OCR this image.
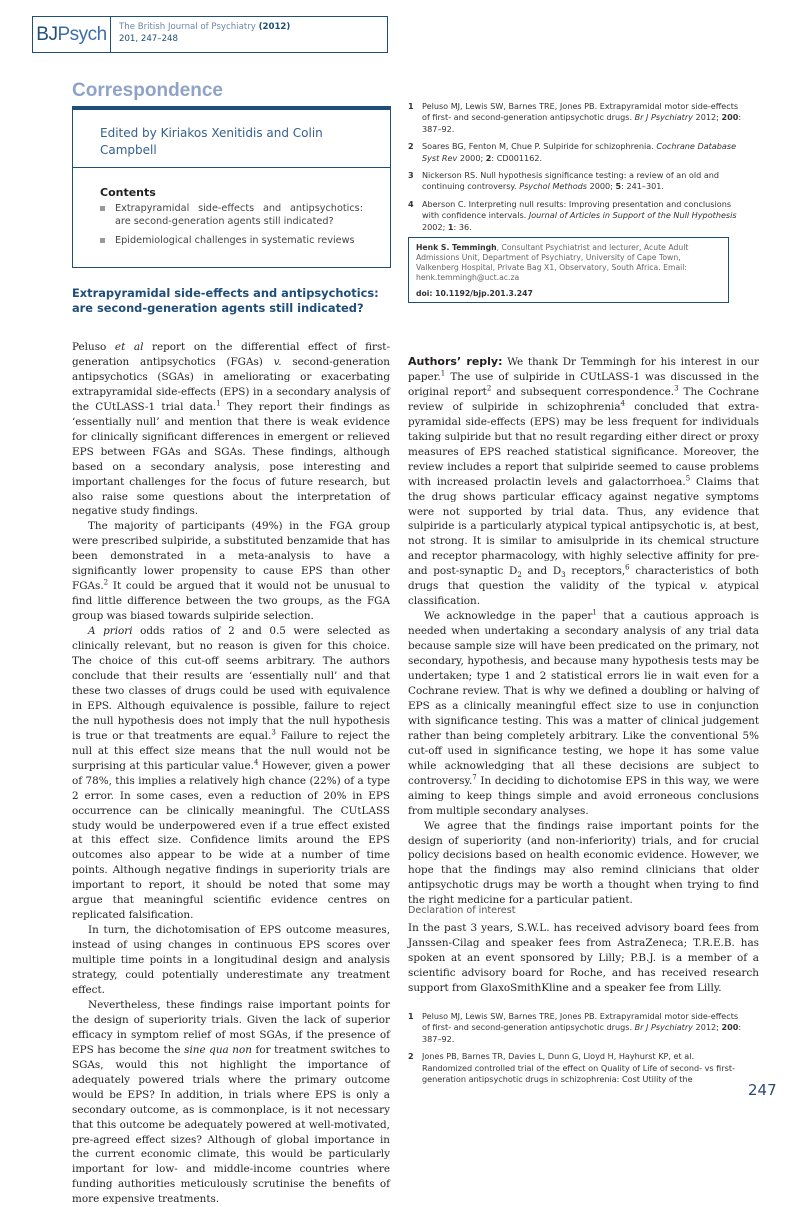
BJ Psych The British Journal of Psychiatry (2012)
201, 247–248
Correspondence
Edited by Kiriakos Xenitidis and Colin Campbell
Contents
Extrapyramidal side-effects and antipsychotics: are second-generation agents still indicated?
Epidemiological challenges in systematic reviews
Extrapyramidal side-effects and antipsychotics: are second-generation agents still indicated?

Peluso et al report on the differential effect of first-generation antipsychotics (FGAs) v. second-generation antipsychotics (SGAs) in ameliorating or exacerbating extrapyramidal side-effects (EPS) in a secondary analysis of the CUtLASS-1 trial data.$^1$ They report their findings as ‘essentially null’ and mention that there is weak evidence for clinically significant differences in emergent or relieved EPS between FGAs and SGAs. These findings, although based on a secondary analysis, pose interesting and important challenges for the focus of future research, but also raise some questions about the interpretation of negative study findings.

The majority of participants (49%) in the FGA group were prescribed sulpiride, a substituted benzamide that has been demonstrated in a meta-analysis to have a significantly lower propensity to cause EPS than other FGAs.$^2$ It could be argued that it would not be unusual to find little difference between the two groups, as the FGA group was biased towards sulpiride selection.

A priori odds ratios of 2 and 0.5 were selected as clinically relevant, but no reason is given for this choice. The choice of this cut-off seems arbitrary. The authors conclude that their results are ‘essentially null’ and that these two classes of drugs could be used with equivalence in EPS. Although equivalence is possible, failure to reject the null hypothesis does not imply that the null hypothesis is true or that treatments are equal.$^3$ Failure to reject the null at this effect size means that the null would not be surprising at this particular value.$^4$ However, given a power of 78%, this implies a relatively high chance (22%) of a type 2 error. In some cases, even a reduction of 20% in EPS occurrence can be clinically meaningful. The CUtLASS study would be underpowered even if a true effect existed at this effect size. Confidence limits around the EPS outcomes also appear to be wide at a number of time points. Although negative findings in superiority trials are important to report, it should be noted that some may argue that meaningful scientific evidence centres on replicated falsification.

In turn, the dichotomisation of EPS outcome measures, instead of using changes in continuous EPS scores over multiple time points in a longitudinal design and analysis strategy, could potentially underestimate any treatment effect.

Nevertheless, these findings raise important points for the design of superiority trials. Given the lack of superior efficacy in symptom relief of most SGAs, if the presence of EPS has become the sine qua non for treatment switches to SGAs, would this not highlight the importance of adequately powered trials where the primary outcome would be EPS? In addition, in trials where EPS is only a secondary outcome, as is commonplace, is it not necessary that this outcome be adequately powered at well-motivated, pre-agreed effect sizes? Although of global importance in the current economic climate, this would be particularly important for low- and middle-income countries where funding authorities meticulously scrutinise the benefits of more expensive treatments.

1	Peluso MJ, Lewis SW, Barnes TRE, Jones PB. Extrapyramidal motor side-effects of first- and second-generation antipsychotic drugs. Br J Psychiatry 2012; 200: 387–92.
2	Soares BG, Fenton M, Chue P. Sulpiride for schizophrenia. Cochrane Database Syst Rev 2000; 2: CD001162.
3	Nickerson RS. Null hypothesis significance testing: a review of an old and continuing controversy. Psychol Methods 2000; 5: 241–301.
4	Aberson C. Interpreting null results: Improving presentation and conclusions with confidence intervals. Journal of Articles in Support of the Null Hypothesis 2002; 1: 36.
Henk S. Temmingh, Consultant Psychiatrist and lecturer, Acute Adult Admissions Unit, Department of Psychiatry, University of Cape Town, Valkenberg Hospital, Private Bag X1, Observatory, South Africa. Email: henk.temmingh@uct.ac.za
doi: 10.1192/bjp.201.3.247

Authors’ reply: We thank Dr Temmingh for his interest in our paper.$^1$ The use of sulpiride in CUtLASS-1 was discussed in the original report$^2$ and subsequent correspondence.$^3$ The Cochrane review of sulpiride in schizophrenia$^4$ concluded that extra-pyramidal side-effects (EPS) may be less frequent for individuals taking sulpiride but that no result regarding either direct or proxy measures of EPS reached statistical significance. Moreover, the review includes a report that sulpiride seemed to cause problems with increased prolactin levels and galactorrhoea.$^5$ Claims that the drug shows particular efficacy against negative symptoms were not supported by trial data. Thus, any evidence that sulpiride is a particularly atypical typical antipsychotic is, at best, not strong. It is similar to amisulpride in its chemical structure and receptor pharmacology, with highly selective affinity for pre- and post-synaptic $D_2$ and $D_3$ receptors,$^6$ characteristics of both drugs that question the validity of the typical v. atypical classification.

We acknowledge in the paper$^1$ that a cautious approach is needed when undertaking a secondary analysis of any trial data because sample size will have been predicated on the primary, not secondary, hypothesis, and because many hypothesis tests may be undertaken; type 1 and 2 statistical errors lie in wait even for a Cochrane review. That is why we defined a doubling or halving of EPS as a clinically meaningful effect size to use in conjunction with significance testing. This was a matter of clinical judgement rather than being completely arbitrary. Like the conventional 5% cut-off used in significance testing, we hope it has some value while acknowledging that all these decisions are subject to controversy.$^7$ In deciding to dichotomise EPS in this way, we were aiming to keep things simple and avoid erroneous conclusions from multiple secondary analyses.

We agree that the findings raise important points for the design of superiority (and non-inferiority) trials, and for crucial policy decisions based on health economic evidence. However, we hope that the findings may also remind clinicians that older antipsychotic drugs may be worth a thought when trying to find the right medicine for a particular patient.

Declaration of interest
In the past 3 years, S.W.L. has received advisory board fees from Janssen-Cilag and speaker fees from AstraZeneca; T.R.E.B. has spoken at an event sponsored by Lilly; P.B.J. is a member of a scientific advisory board for Roche, and has received research support from GlaxoSmithKline and a speaker fee from Lilly.
1	Peluso MJ, Lewis SW, Barnes TRE, Jones PB. Extrapyramidal motor side-effects of first- and second-generation antipsychotic drugs. Br J Psychiatry 2012; 200: 387–92.
2	Jones PB, Barnes TR, Davies L, Dunn G, Lloyd H, Hayhurst KP, et al. Randomized controlled trial of the effect on Quality of Life of second- vs first-generation antipsychotic drugs in schizophrenia: Cost Utility of the
247
